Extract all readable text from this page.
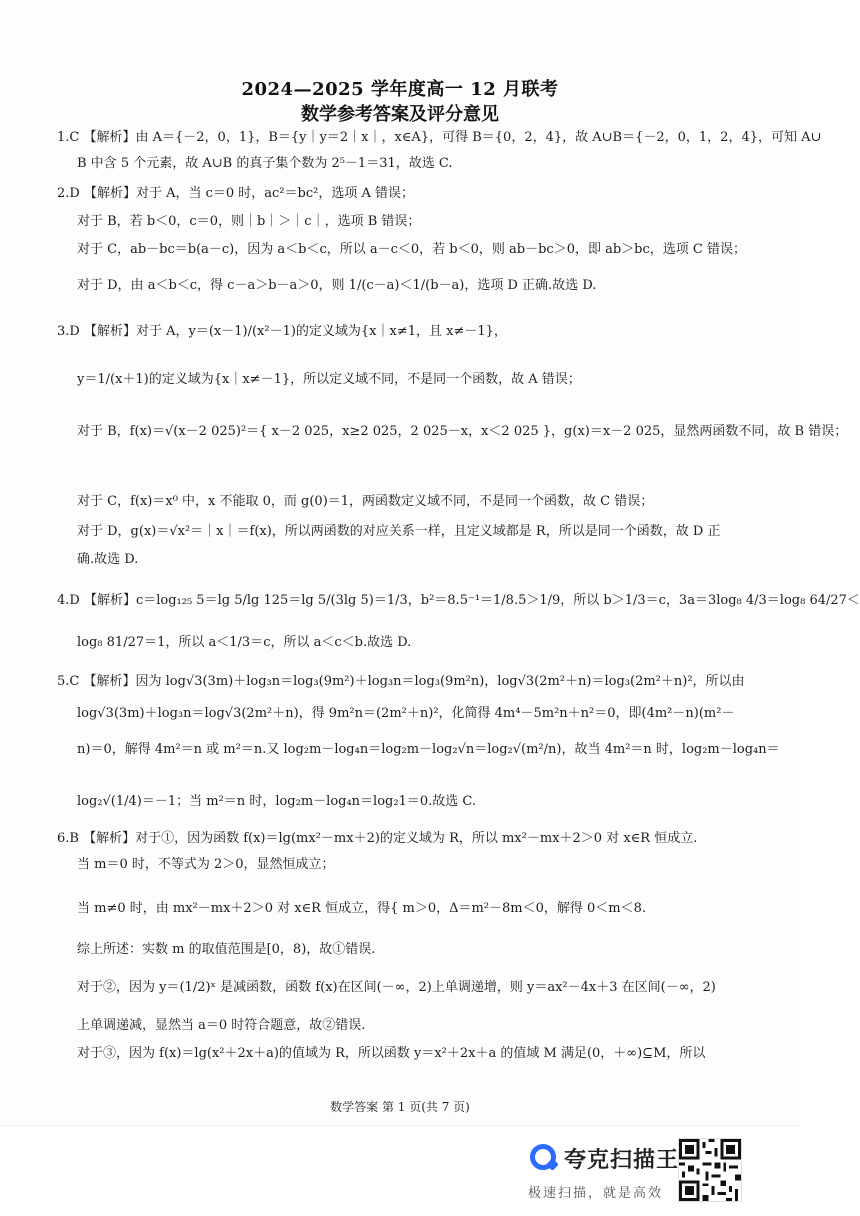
2024—2025 学年度高一 12 月联考
数学参考答案及评分意见
1.C 【解析】由 A＝{－2，0，1}，B＝{y｜y＝2｜x｜，x∈A}，可得 B＝{0，2，4}，故 A∪B＝{－2，0，1，2，4}，可知 A∪
B 中含 5 个元素，故 A∪B 的真子集个数为 2⁵－1＝31，故选 C.
2.D 【解析】对于 A，当 c＝0 时，ac²＝bc²，选项 A 错误；
对于 B，若 b＜0，c＝0，则｜b｜＞｜c｜，选项 B 错误；
对于 C，ab－bc＝b(a－c)，因为 a＜b＜c，所以 a－c＜0，若 b＜0，则 ab－bc＞0，即 ab＞bc，选项 C 错误；
对于 D，由 a＜b＜c，得 c－a＞b－a＞0，则 1/(c－a)＜1/(b－a)，选项 D 正确.故选 D.
3.D 【解析】对于 A，y＝(x－1)/(x²－1)的定义域为{x｜x≠1，且 x≠－1}，
y＝1/(x＋1)的定义域为{x｜x≠－1}，所以定义域不同，不是同一个函数，故 A 错误；
对于 B，f(x)＝√(x－2 025)²＝{ x－2 025，x≥2 025，2 025－x，x＜2 025 }，g(x)＝x－2 025，显然两函数不同，故 B 错误；
对于 C，f(x)＝x⁰ 中，x 不能取 0，而 g(0)＝1，两函数定义域不同，不是同一个函数，故 C 错误；
对于 D，g(x)＝√x²＝｜x｜＝f(x)，所以两函数的对应关系一样，且定义域都是 R，所以是同一个函数，故 D 正
确.故选 D.
4.D 【解析】c＝log₁₂₅ 5＝lg 5/lg 125＝lg 5/(3lg 5)＝1/3，b²＝8.5⁻¹＝1/8.5＞1/9，所以 b＞1/3＝c，3a＝3log₈ 4/3＝log₈ 64/27＜
log₈ 81/27＝1，所以 a＜1/3＝c，所以 a＜c＜b.故选 D.
5.C 【解析】因为 log√3(3m)＋log₃n＝log₃(9m²)＋log₃n＝log₃(9m²n)，log√3(2m²＋n)＝log₃(2m²＋n)²，所以由
log√3(3m)＋log₃n＝log√3(2m²＋n)，得 9m²n＝(2m²＋n)²，化简得 4m⁴－5m²n＋n²＝0，即(4m²－n)(m²－
n)＝0，解得 4m²＝n 或 m²＝n.又 log₂m－log₄n＝log₂m－log₂√n＝log₂√(m²/n)，故当 4m²＝n 时，log₂m－log₄n＝
log₂√(1/4)＝－1；当 m²＝n 时，log₂m－log₄n＝log₂1＝0.故选 C.
6.B 【解析】对于①，因为函数 f(x)＝lg(mx²－mx＋2)的定义域为 R，所以 mx²－mx＋2＞0 对 x∈R 恒成立.
当 m＝0 时，不等式为 2＞0，显然恒成立；
当 m≠0 时，由 mx²－mx＋2＞0 对 x∈R 恒成立，得{ m＞0，Δ＝m²－8m＜0，解得 0＜m＜8.
综上所述：实数 m 的取值范围是[0，8)，故①错误.
对于②，因为 y＝(1/2)ˣ 是减函数，函数 f(x)在区间(－∞，2)上单调递增，则 y＝ax²－4x＋3 在区间(－∞，2)
上单调递减，显然当 a＝0 时符合题意，故②错误.
对于③，因为 f(x)＝lg(x²＋2x＋a)的值域为 R，所以函数 y＝x²＋2x＋a 的值域 M 满足(0，＋∞)⊆M，所以
数学答案 第 1 页(共 7 页)
夸克扫描王
极速扫描，就是高效
